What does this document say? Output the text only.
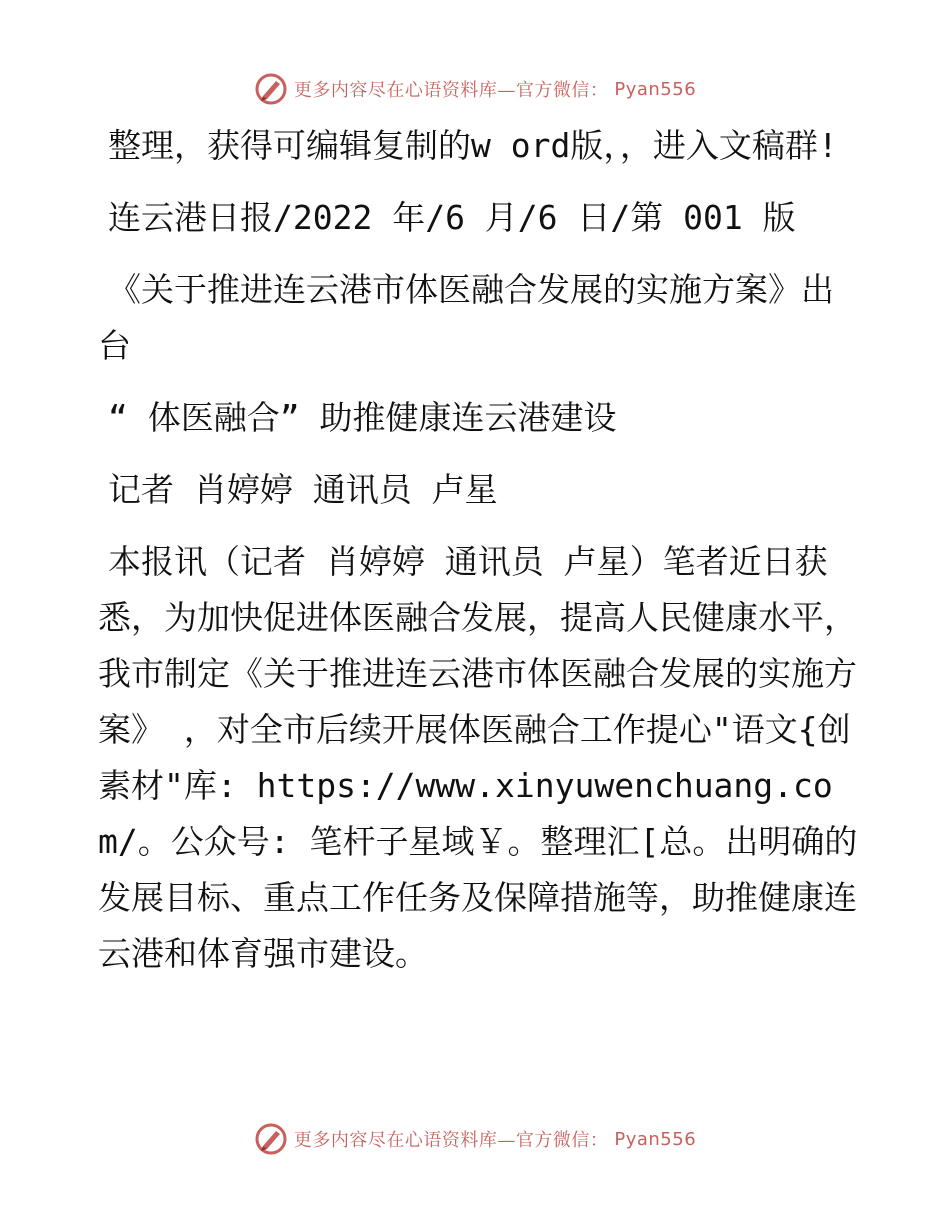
更多内容尽在心语资料库—官方微信： Pyan556

整理，获得可编辑复制的w ord版，，进入文稿群!

连云港日报/2022 年/6 月/6 日/第 001 版

《关于推进连云港市体医融合发展的实施方案》出台

“ 体医融合” 助推健康连云港建设

记者 肖婷婷 通讯员 卢星

本报讯（记者 肖婷婷 通讯员 卢星）笔者近日获悉，为加快促进体医融合发展，提高人民健康水平，我市制定《关于推进连云港市体医融合发展的实施方案》 ，对全市后续开展体医融合工作提心"语文{创素材"库: https://www.xinyuwenchuang.com/。公众号: 笔杆子星域￥。整理汇[总。出明确的发展目标、重点工作任务及保障措施等，助推健康连云港和体育强市建设。

更多内容尽在心语资料库—官方微信： Pyan556
